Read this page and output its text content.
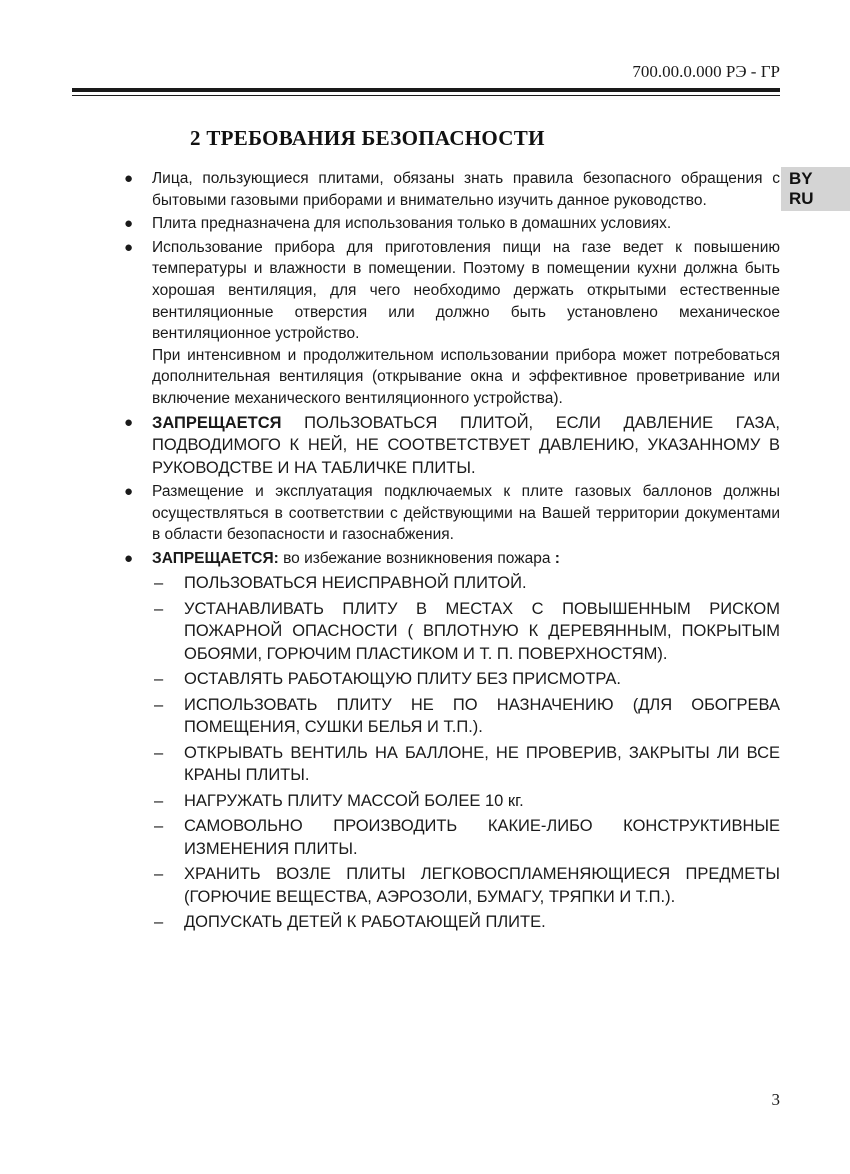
700.00.0.000 РЭ - ГР
BY
RU
2 ТРЕБОВАНИЯ БЕЗОПАСНОСТИ
● Лица, пользующиеся плитами, обязаны знать правила безопасного обращения с бытовыми газовыми приборами и внимательно изучить данное руководство.

● Плита предназначена для использования только в домашних условиях.

● Использование прибора для приготовления пищи на газе ведет к повышению температуры и влажности в помещении. Поэтому в помещении кухни должна быть хорошая вентиляция, для чего необходимо держать открытыми естественные вентиляционные отверстия или должно быть установлено механическое вентиляционное устройство.

При интенсивном и продолжительном использовании прибора может потребоваться дополнительная вентиляция (открывание окна и эффективное проветривание или включение механического вентиляционного устройства).

● ЗАПРЕЩАЕТСЯ ПОЛЬЗОВАТЬСЯ ПЛИТОЙ, ЕСЛИ ДАВЛЕНИЕ ГАЗА, ПОДВОДИМОГО К НЕЙ, НЕ СООТВЕТСТВУЕТ ДАВЛЕНИЮ, УКАЗАННОМУ В РУКОВОДСТВЕ И НА ТАБЛИЧКЕ ПЛИТЫ.

● Размещение и эксплуатация подключаемых к плите газовых баллонов должны осуществляться в соответствии с действующими на Вашей территории документами в области безопасности и газоснабжения.

● ЗАПРЕЩАЕТСЯ: во избежание возникновения пожара :

– ПОЛЬЗОВАТЬСЯ НЕИСПРАВНОЙ ПЛИТОЙ.
– УСТАНАВЛИВАТЬ ПЛИТУ В МЕСТАХ С ПОВЫШЕННЫМ РИСКОМ ПОЖАРНОЙ ОПАСНОСТИ ( ВПЛОТНУЮ К ДЕРЕВЯННЫМ, ПОКРЫТЫМ ОБОЯМИ, ГОРЮЧИМ ПЛАСТИКОМ И Т. П. ПОВЕРХНОСТЯМ).
– ОСТАВЛЯТЬ РАБОТАЮЩУЮ ПЛИТУ БЕЗ ПРИСМОТРА.
– ИСПОЛЬЗОВАТЬ ПЛИТУ НЕ ПО НАЗНАЧЕНИЮ (ДЛЯ ОБОГРЕВА ПОМЕЩЕНИЯ, СУШКИ БЕЛЬЯ И Т.П.).
– ОТКРЫВАТЬ ВЕНТИЛЬ НА БАЛЛОНЕ, НЕ ПРОВЕРИВ, ЗАКРЫТЫ ЛИ ВСЕ КРАНЫ ПЛИТЫ.
– НАГРУЖАТЬ ПЛИТУ МАССОЙ БОЛЕЕ 10 кг.
– САМОВОЛЬНО ПРОИЗВОДИТЬ КАКИЕ-ЛИБО КОНСТРУКТИВНЫЕ ИЗМЕНЕНИЯ ПЛИТЫ.
– ХРАНИТЬ ВОЗЛЕ ПЛИТЫ ЛЕГКОВОСПЛАМЕНЯЮЩИЕСЯ ПРЕДМЕТЫ (ГОРЮЧИЕ ВЕЩЕСТВА, АЭРОЗОЛИ, БУМАГУ, ТРЯПКИ И Т.П.).
– ДОПУСКАТЬ ДЕТЕЙ К РАБОТАЮЩЕЙ ПЛИТЕ.
3
